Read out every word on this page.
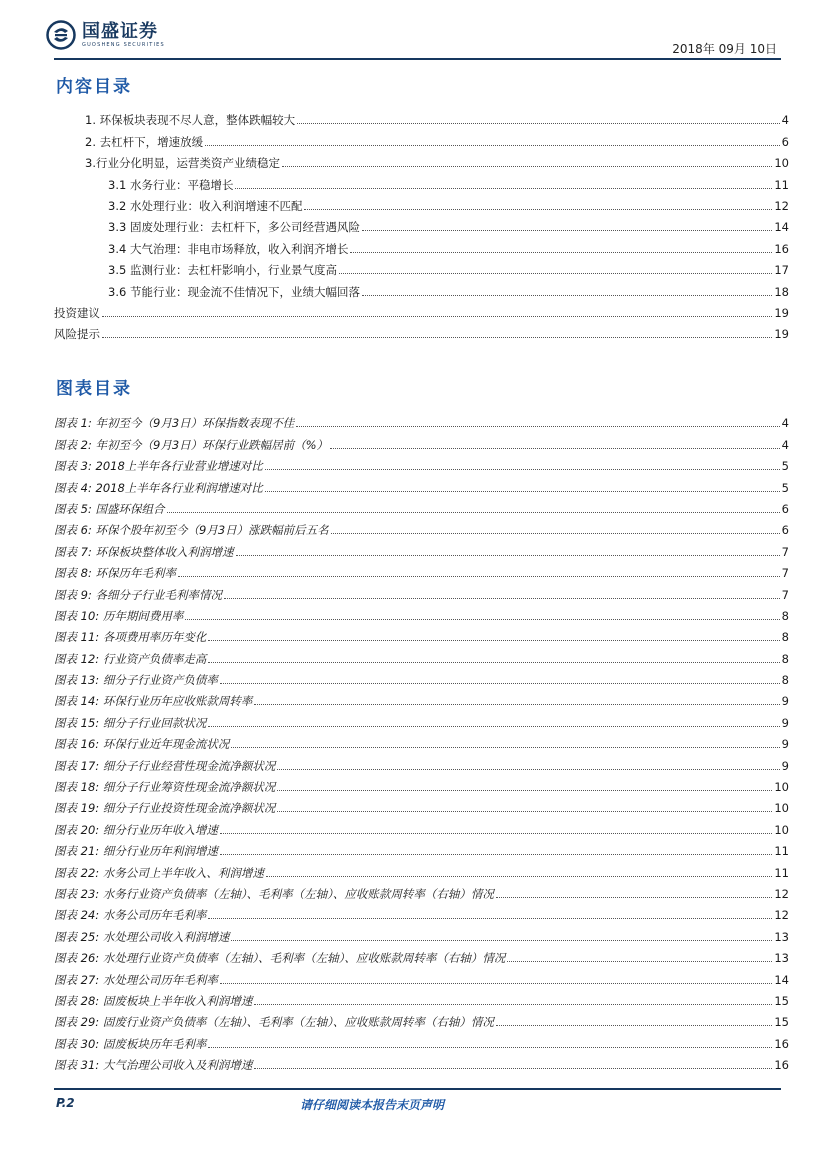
国盛证券
GUOSHENG SECURITIES	2018年 09月 10日
内容目录
1. 环保板块表现不尽人意，整体跌幅较大	4
2. 去杠杆下，增速放缓	6
3.行业分化明显，运营类资产业绩稳定	10
3.1 水务行业：平稳增长	11
3.2 水处理行业：收入利润增速不匹配	12
3.3 固废处理行业：去杠杆下，多公司经营遇风险	14
3.4 大气治理：非电市场释放，收入利润齐增长	16
3.5 监测行业：去杠杆影响小，行业景气度高	17
3.6 节能行业：现金流不佳情况下，业绩大幅回落	18
投资建议	19
风险提示	19
图表目录
图表 1: 年初至今（9月3日）环保指数表现不佳	4
图表 2: 年初至今（9月3日）环保行业跌幅居前（%）	4
图表 3: 2018上半年各行业营业增速对比	5
图表 4: 2018上半年各行业利润增速对比	5
图表 5: 国盛环保组合	6
图表 6: 环保个股年初至今（9月3日）涨跌幅前后五名	6
图表 7: 环保板块整体收入利润增速	7
图表 8: 环保历年毛利率	7
图表 9: 各细分子行业毛利率情况	7
图表 10: 历年期间费用率	8
图表 11: 各项费用率历年变化	8
图表 12: 行业资产负债率走高	8
图表 13: 细分子行业资产负债率	8
图表 14: 环保行业历年应收账款周转率	9
图表 15: 细分子行业回款状况	9
图表 16: 环保行业近年现金流状况	9
图表 17: 细分子行业经营性现金流净额状况	9
图表 18: 细分子行业筹资性现金流净额状况	10
图表 19: 细分子行业投资性现金流净额状况	10
图表 20: 细分行业历年收入增速	10
图表 21: 细分行业历年利润增速	11
图表 22: 水务公司上半年收入、利润增速	11
图表 23: 水务行业资产负债率（左轴）、毛利率（左轴）、应收账款周转率（右轴）情况	12
图表 24: 水务公司历年毛利率	12
图表 25: 水处理公司收入利润增速	13
图表 26: 水处理行业资产负债率（左轴）、毛利率（左轴）、应收账款周转率（右轴）情况	13
图表 27: 水处理公司历年毛利率	14
图表 28: 固废板块上半年收入利润增速	15
图表 29: 固废行业资产负债率（左轴）、毛利率（左轴）、应收账款周转率（右轴）情况	15
图表 30: 固废板块历年毛利率	16
图表 31: 大气治理公司收入及利润增速	16
P.2	请仔细阅读本报告末页声明
